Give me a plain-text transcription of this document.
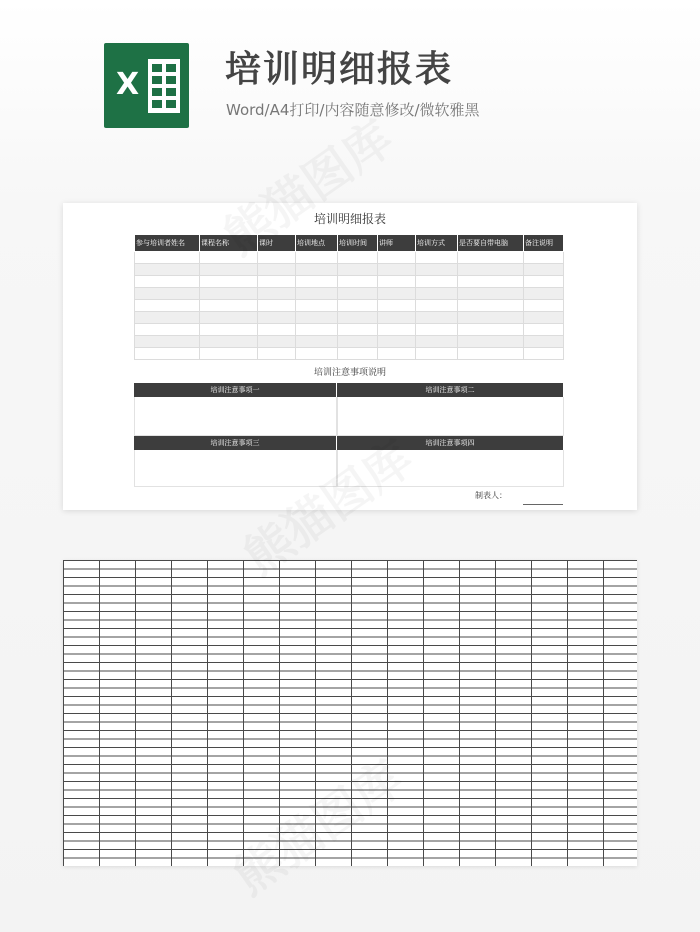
X 培训明细报表
Word/A4打印/内容随意修改/微软雅黑
培训明细报表
参与培训者姓名	课程名称	课时	培训地点	培训时间	讲师	培训方式	是否要自带电脑	备注说明

培训注意事项说明
培训注意事项一	培训注意事项二
培训注意事项三	培训注意事项四
制表人：
